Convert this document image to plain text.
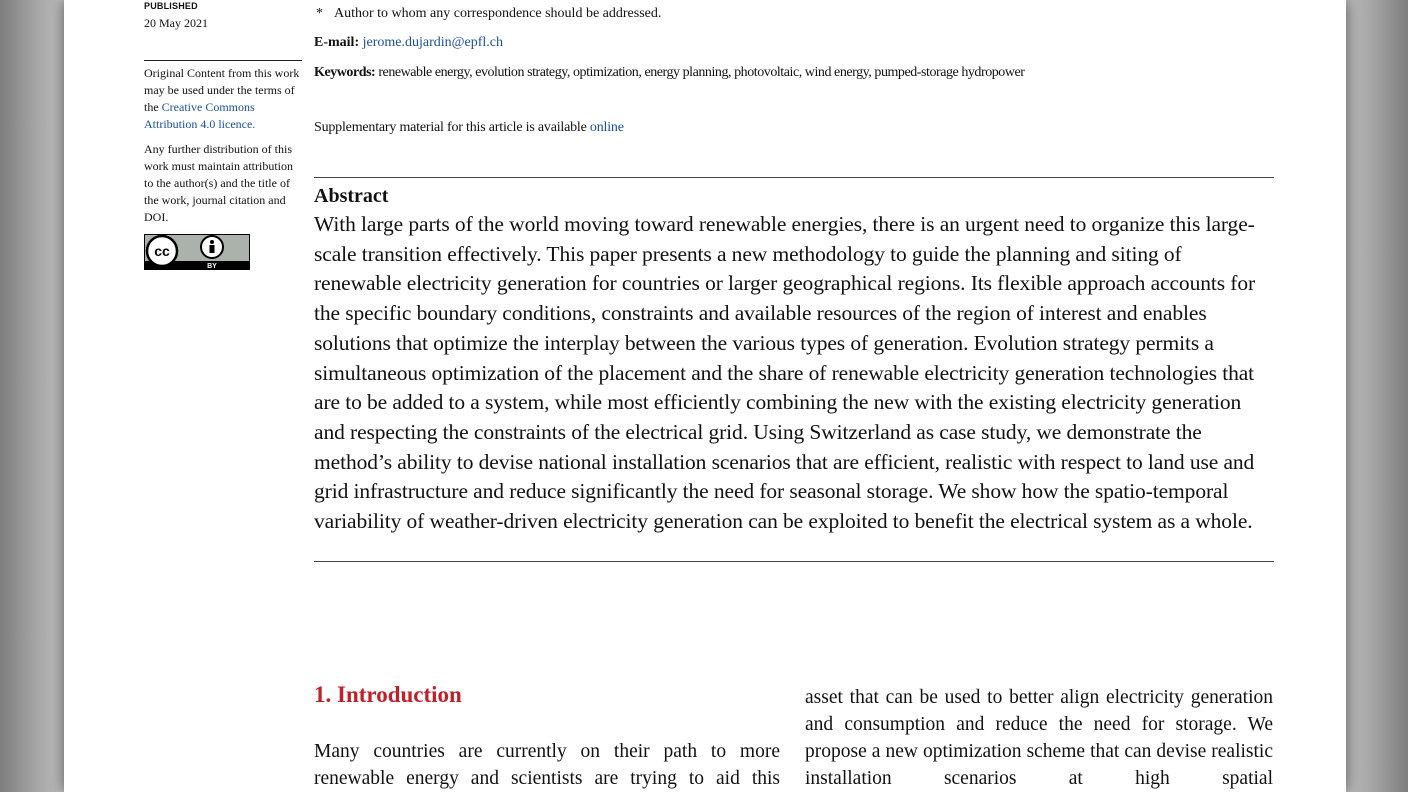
PUBLISHED
20 May 2021

Original Content from this work may be used under the terms of the Creative Commons Attribution 4.0 licence.

Any further distribution of this work must maintain attribution to the author(s) and the title of the work, journal citation and DOI.

cc
BY
* Author to whom any correspondence should be addressed.
E-mail: jerome.dujardin@epfl.ch
Keywords: renewable energy, evolution strategy, optimization, energy planning, photovoltaic, wind energy, pumped-storage hydropower
Supplementary material for this article is available online
Abstract

With large parts of the world moving toward renewable energies, there is an urgent need to organize this large-scale transition effectively. This paper presents a new methodology to guide the planning and siting of renewable electricity generation for countries or larger geographical regions. Its flexible approach accounts for the specific boundary conditions, constraints and available resources of the region of interest and enables solutions that optimize the interplay between the various types of generation. Evolution strategy permits a simultaneous optimization of the placement and the share of renewable electricity generation technologies that are to be added to a system, while most efficiently combining the new with the existing electricity generation and respecting the constraints of the electrical grid. Using Switzerland as case study, we demonstrate the method’s ability to devise national installation scenarios that are efficient, realistic with respect to land use and grid infrastructure and reduce significantly the need for seasonal storage. We show how the spatio-temporal variability of weather-driven electricity generation can be exploited to benefit the electrical system as a whole.

1. Introduction

Many countries are currently on their path to more renewable energy and scientists are trying to aid this

asset that can be used to better align electricity generation and consumption and reduce the need for storage. We propose a new optimization scheme that can devise realistic installation scenarios at high spatial
